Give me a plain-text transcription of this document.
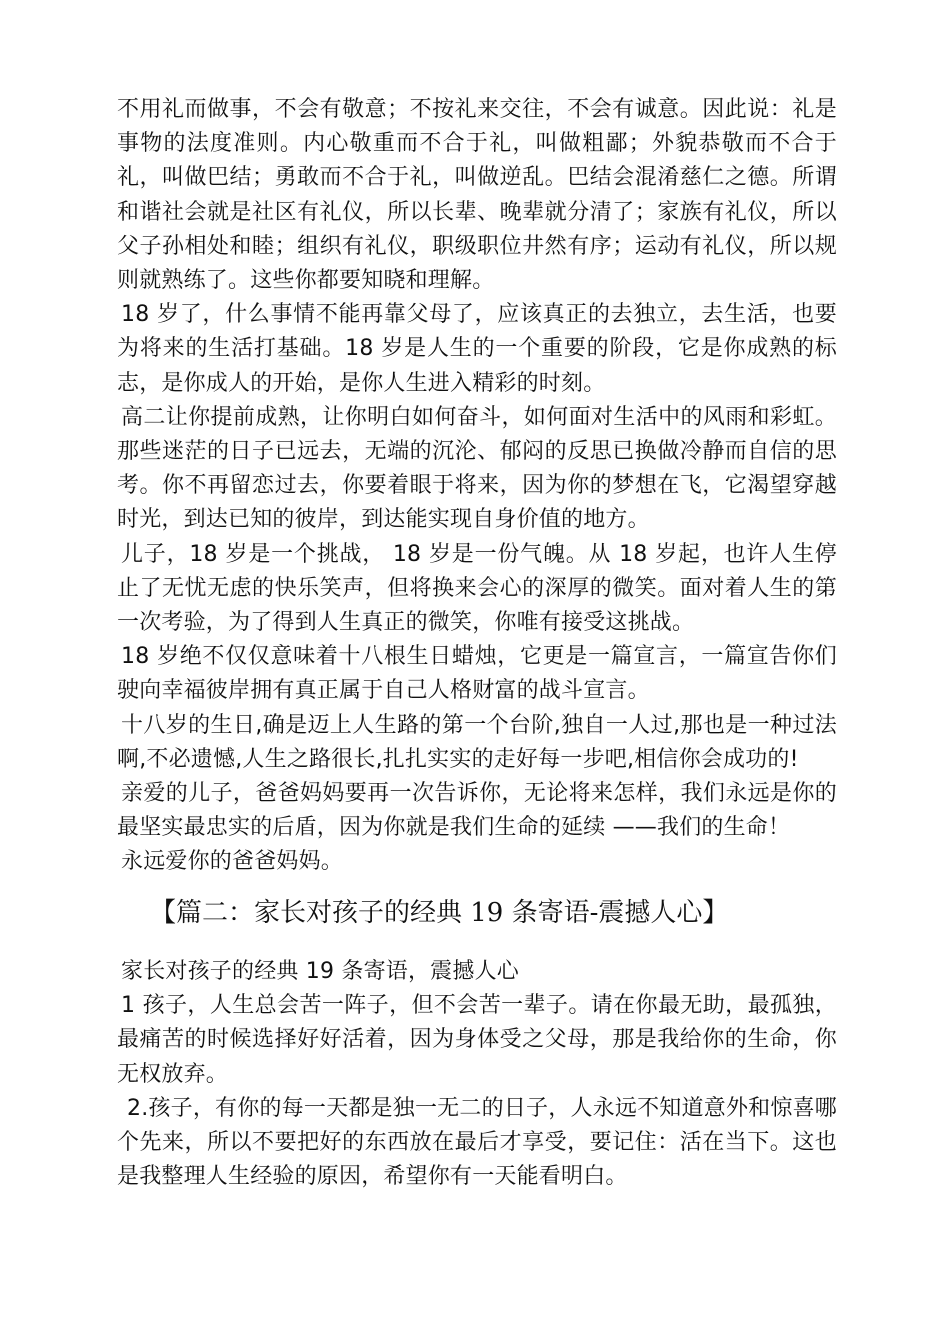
不用礼而做事，不会有敬意；不按礼来交往，不会有诚意。因此说：礼是事物的法度准则。内心敬重而不合于礼，叫做粗鄙；外貌恭敬而不合于礼，叫做巴结；勇敢而不合于礼，叫做逆乱。巴结会混淆慈仁之德。所谓和谐社会就是社区有礼仪，所以长辈、晚辈就分清了；家族有礼仪，所以父子孙相处和睦；组织有礼仪，职级职位井然有序；运动有礼仪，所以规则就熟练了。这些你都要知晓和理解。

18 岁了，什么事情不能再靠父母了，应该真正的去独立，去生活，也要为将来的生活打基础。18 岁是人生的一个重要的阶段，它是你成熟的标志，是你成人的开始，是你人生进入精彩的时刻。

高二让你提前成熟，让你明白如何奋斗，如何面对生活中的风雨和彩虹。那些迷茫的日子已远去，无端的沉沦、郁闷的反思已换做冷静而自信的思考。你不再留恋过去，你要着眼于将来，因为你的梦想在飞，它渴望穿越时光，到达已知的彼岸，到达能实现自身价值的地方。

儿子，18 岁是一个挑战， 18 岁是一份气魄。从 18 岁起，也许人生停止了无忧无虑的快乐笑声，但将换来会心的深厚的微笑。面对着人生的第一次考验，为了得到人生真正的微笑，你唯有接受这挑战。

18 岁绝不仅仅意味着十八根生日蜡烛，它更是一篇宣言，一篇宣告你们驶向幸福彼岸拥有真正属于自己人格财富的战斗宣言。

十八岁的生日,确是迈上人生路的第一个台阶,独自一人过,那也是一种过法啊,不必遗憾,人生之路很长,扎扎实实的走好每一步吧,相信你会成功的!

亲爱的儿子，爸爸妈妈要再一次告诉你，无论将来怎样，我们永远是你的最坚实最忠实的后盾，因为你就是我们生命的延续 ——我们的生命！

永远爱你的爸爸妈妈。

【篇二：家长对孩子的经典 19 条寄语-震撼人心】

家长对孩子的经典 19 条寄语，震撼人心

1 孩子，人生总会苦一阵子，但不会苦一辈子。请在你最无助，最孤独，最痛苦的时候选择好好活着，因为身体受之父母，那是我给你的生命，你无权放弃。

2.孩子，有你的每一天都是独一无二的日子，人永远不知道意外和惊喜哪个先来，所以不要把好的东西放在最后才享受，要记住：活在当下。这也是我整理人生经验的原因，希望你有一天能看明白。
